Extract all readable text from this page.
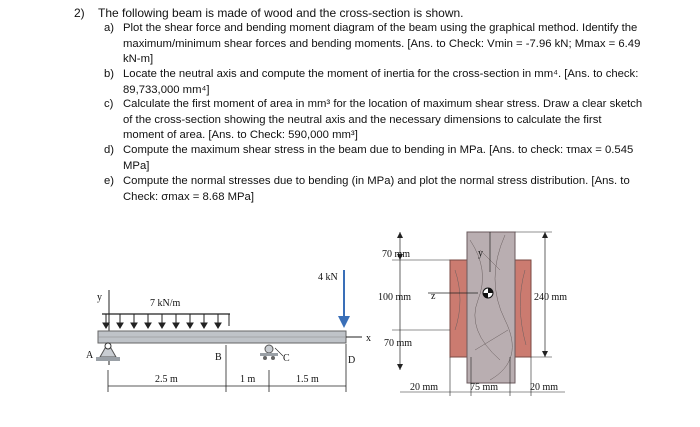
2) The following beam is made of wood and the cross-section is shown.
a) Plot the shear force and bending moment diagram of the beam using the graphical method. Identify the maximum/minimum shear forces and bending moments. [Ans. to Check: Vmin = -7.96 kN; Mmax = 6.49 kN-m]
b) Locate the neutral axis and compute the moment of inertia for the cross-section in mm⁴. [Ans. to check: 89,733,000 mm⁴]
c) Calculate the first moment of area in mm³ for the location of maximum shear stress. Draw a clear sketch of the cross-section showing the neutral axis and the necessary dimensions to calculate the first moment of area. [Ans. to Check: 590,000 mm³]
d) Compute the maximum shear stress in the beam due to bending in MPa. [Ans. to check: τmax = 0.545 MPa]
e) Compute the normal stresses due to bending (in MPa) and plot the normal stress distribution. [Ans. to Check: σmax = 8.68 MPa]
y
7 kN/m
4 kN
x
A	B	C	D
2.5 m	1 m	1.5 m
y
z
70 mm
100 mm
70 mm
240 mm
20 mm	75 mm	20 mm
